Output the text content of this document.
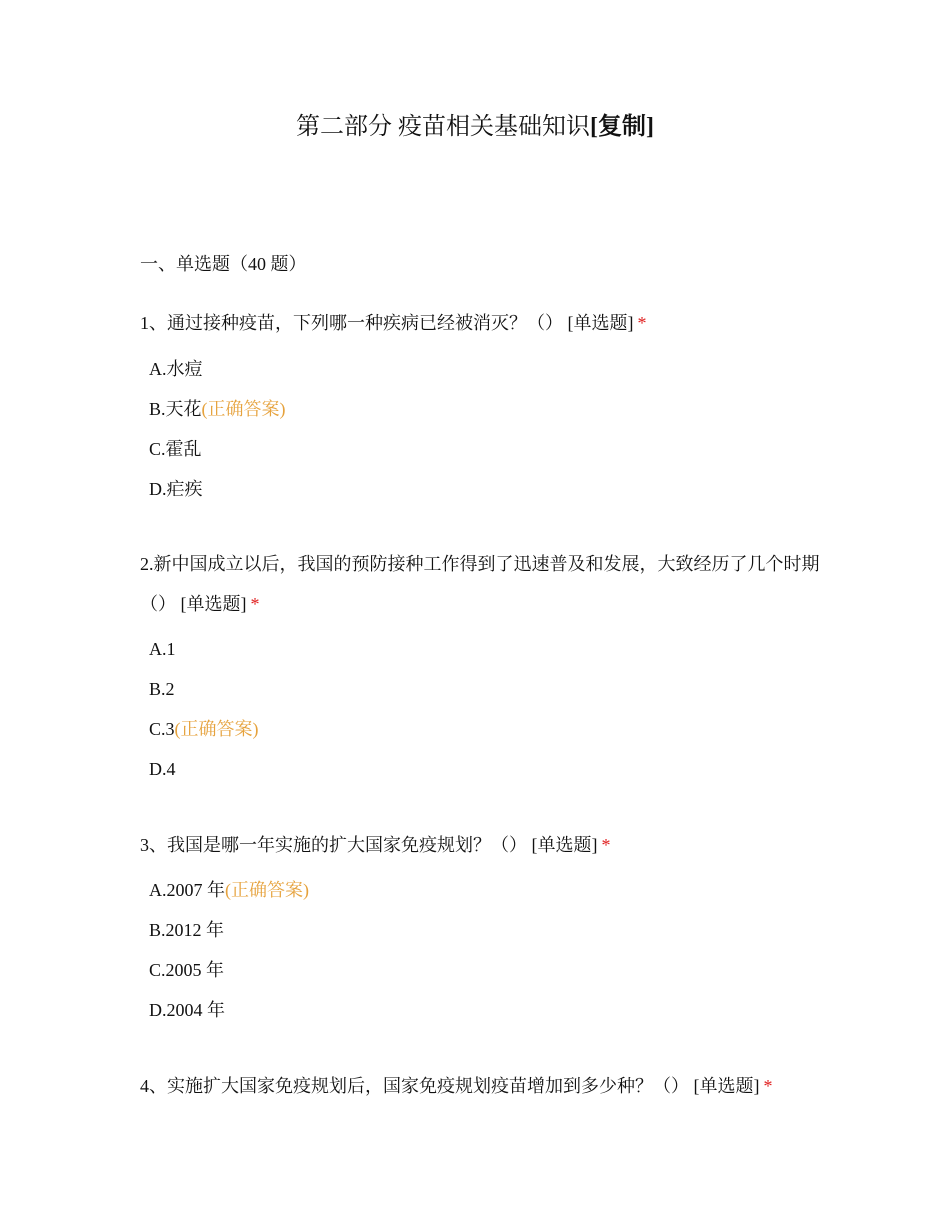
第二部分 疫苗相关基础知识[复制]
一、单选题（40 题）
1、通过接种疫苗，下列哪一种疾病已经被消灭？（） [单选题] *
A.水痘
B.天花(正确答案)
C.霍乱
D.疟疾
2.新中国成立以后，我国的预防接种工作得到了迅速普及和发展，大致经历了几个时期（） [单选题] *
A.1
B.2
C.3(正确答案)
D.4
3、我国是哪一年实施的扩大国家免疫规划？（） [单选题] *
A.2007 年(正确答案)
B.2012 年
C.2005 年
D.2004 年
4、实施扩大国家免疫规划后，国家免疫规划疫苗增加到多少种？（） [单选题] *
